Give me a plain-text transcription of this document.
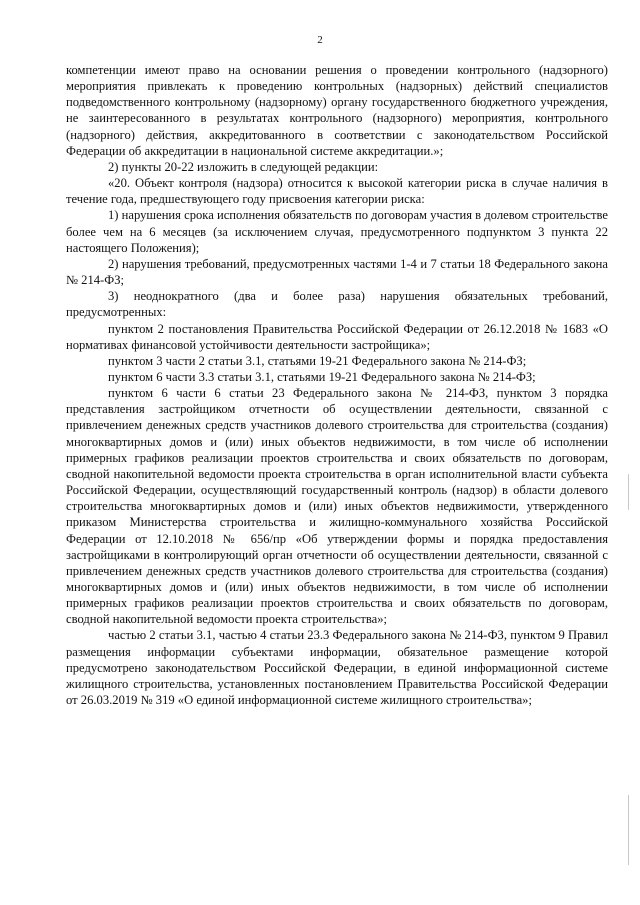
2

компетенции имеют право на основании решения о проведении контрольного (надзорного) мероприятия привлекать к проведению контрольных (надзорных) действий специалистов подведомственного контрольному (надзорному) органу государственного бюджетного учреждения, не заинтересованного в результатах контрольного (надзорного) мероприятия, контрольного (надзорного) действия, аккредитованного в соответствии с законодательством Российской Федерации об аккредитации в национальной системе аккредитации.»;

2) пункты 20-22 изложить в следующей редакции:

«20. Объект контроля (надзора) относится к высокой категории риска в случае наличия в течение года, предшествующего году присвоения категории риска:

1) нарушения срока исполнения обязательств по договорам участия в долевом строительстве более чем на 6 месяцев (за исключением случая, предусмотренного подпунктом 3 пункта 22 настоящего Положения);

2) нарушения требований, предусмотренных частями 1-4 и 7 статьи 18 Федерального закона № 214-ФЗ;

3) неоднократного (два и более раза) нарушения обязательных требований, предусмотренных:

пунктом 2 постановления Правительства Российской Федерации от 26.12.2018 № 1683 «О нормативах финансовой устойчивости деятельности застройщика»;

пунктом 3 части 2 статьи 3.1, статьями 19-21 Федерального закона № 214-ФЗ;

пунктом 6 части 3.3 статьи 3.1, статьями 19-21 Федерального закона № 214-ФЗ;

пунктом 6 части 6 статьи 23 Федерального закона № 214-ФЗ, пунктом 3 порядка представления застройщиком отчетности об осуществлении деятельности, связанной с привлечением денежных средств участников долевого строительства для строительства (создания) многоквартирных домов и (или) иных объектов недвижимости, в том числе об исполнении примерных графиков реализации проектов строительства и своих обязательств по договорам, сводной накопительной ведомости проекта строительства в орган исполнительной власти субъекта Российской Федерации, осуществляющий государственный контроль (надзор) в области долевого строительства многоквартирных домов и (или) иных объектов недвижимости, утвержденного приказом Министерства строительства и жилищно-коммунального хозяйства Российской Федерации от 12.10.2018 № 656/пр «Об утверждении формы и порядка предоставления застройщиками в контролирующий орган отчетности об осуществлении деятельности, связанной с привлечением денежных средств участников долевого строительства для строительства (создания) многоквартирных домов и (или) иных объектов недвижимости, в том числе об исполнении примерных графиков реализации проектов строительства и своих обязательств по договорам, сводной накопительной ведомости проекта строительства»;

частью 2 статьи 3.1, частью 4 статьи 23.3 Федерального закона № 214-ФЗ, пунктом 9 Правил размещения информации субъектами информации, обязательное размещение которой предусмотрено законодательством Российской Федерации, в единой информационной системе жилищного строительства, установленных постановлением Правительства Российской Федерации от 26.03.2019 № 319 «О единой информационной системе жилищного строительства»;
